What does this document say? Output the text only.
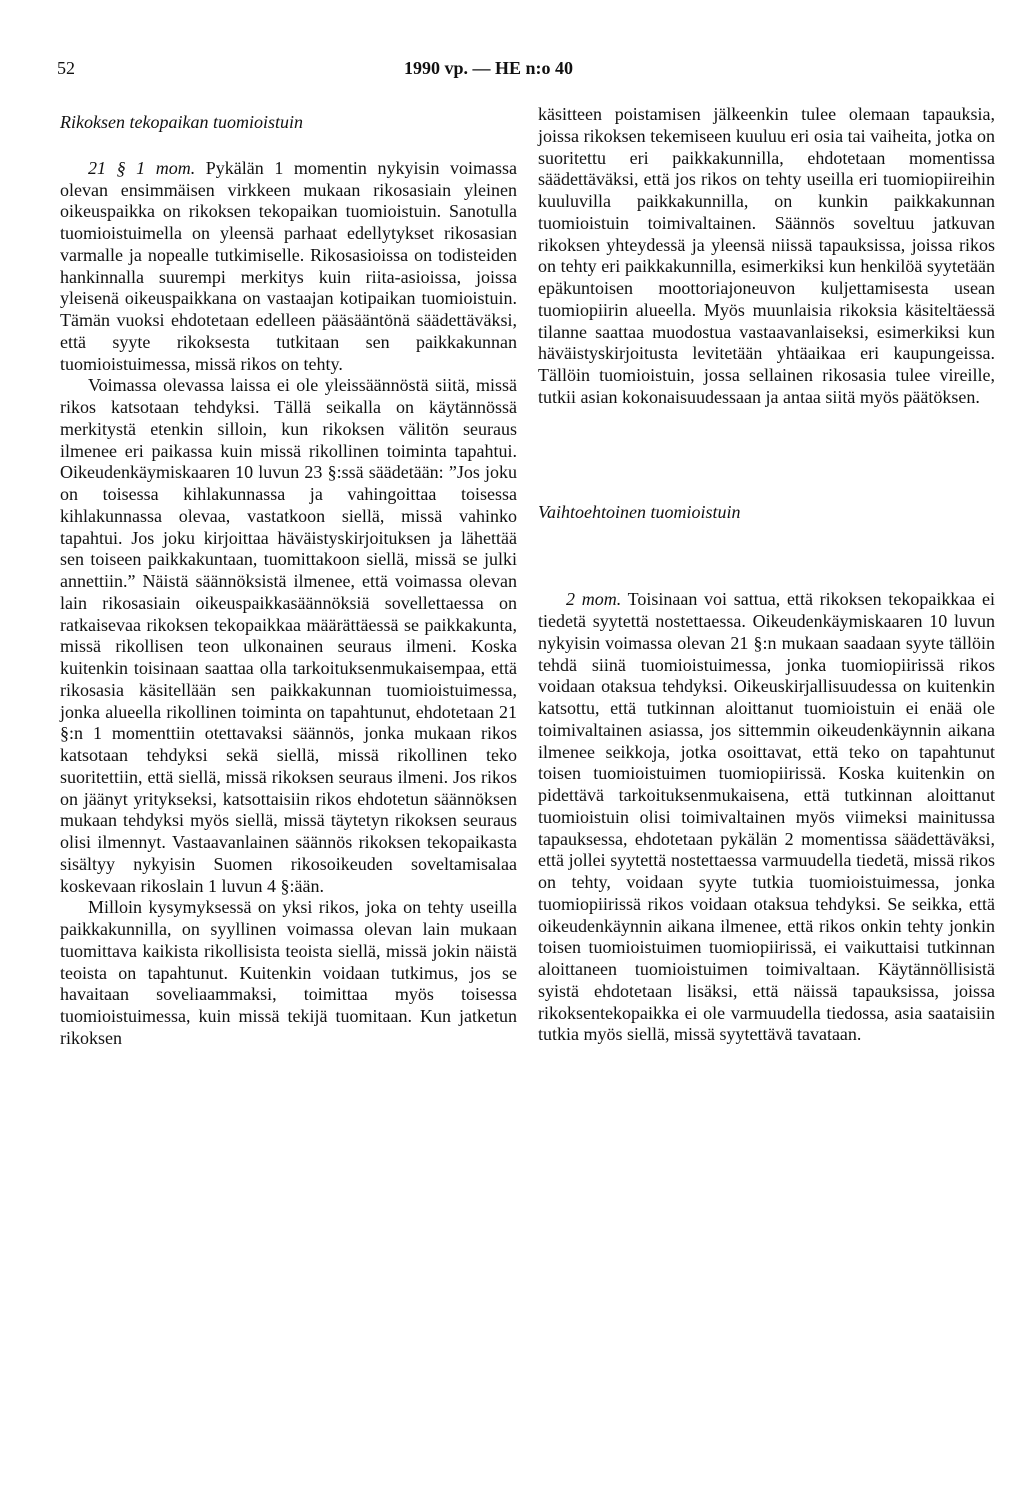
52	1990 vp. — HE n:o 40
Rikoksen tekopaikan tuomioistuin

21 § 1 mom. Pykälän 1 momentin nykyisin voimassa olevan ensimmäisen virkkeen mukaan rikosasiain yleinen oikeuspaikka on rikoksen tekopaikan tuomioistuin. Sanotulla tuomioistuimella on yleensä parhaat edellytykset rikosasian varmalle ja nopealle tutkimiselle. Rikosasioissa on todisteiden hankinnalla suurempi merkitys kuin riita-asioissa, joissa yleisenä oikeuspaikkana on vastaajan kotipaikan tuomioistuin. Tämän vuoksi ehdotetaan edelleen pääsääntönä säädettäväksi, että syyte rikoksesta tutkitaan sen paikkakunnan tuomioistuimessa, missä rikos on tehty.

Voimassa olevassa laissa ei ole yleissäännöstä siitä, missä rikos katsotaan tehdyksi. Tällä seikalla on käytännössä merkitystä etenkin silloin, kun rikoksen välitön seuraus ilmenee eri paikassa kuin missä rikollinen toiminta tapahtui. Oikeudenkäymiskaaren 10 luvun 23 §:ssä säädetään: ”Jos joku on toisessa kihlakunnassa ja vahingoittaa toisessa kihlakunnassa olevaa, vastatkoon siellä, missä vahinko tapahtui. Jos joku kirjoittaa häväistyskirjoituksen ja lähettää sen toiseen paikkakuntaan, tuomittakoon siellä, missä se julki annettiin.” Näistä säännöksistä ilmenee, että voimassa olevan lain rikosasiain oikeuspaikkasäännöksiä sovellettaessa on ratkaisevaa rikoksen tekopaikkaa määrättäessä se paikkakunta, missä rikollisen teon ulkonainen seuraus ilmeni. Koska kuitenkin toisinaan saattaa olla tarkoituksenmukaisempaa, että rikosasia käsitellään sen paikkakunnan tuomioistuimessa, jonka alueella rikollinen toiminta on tapahtunut, ehdotetaan 21 §:n 1 momenttiin otettavaksi säännös, jonka mukaan rikos katsotaan tehdyksi sekä siellä, missä rikollinen teko suoritettiin, että siellä, missä rikoksen seuraus ilmeni. Jos rikos on jäänyt yritykseksi, katsottaisiin rikos ehdotetun säännöksen mukaan tehdyksi myös siellä, missä täytetyn rikoksen seuraus olisi ilmennyt. Vastaavanlainen säännös rikoksen tekopaikasta sisältyy nykyisin Suomen rikosoikeuden soveltamisalaa koskevaan rikoslain 1 luvun 4 §:ään.

Milloin kysymyksessä on yksi rikos, joka on tehty useilla paikkakunnilla, on syyllinen voimassa olevan lain mukaan tuomittava kaikista rikollisista teoista siellä, missä jokin näistä teoista on tapahtunut. Kuitenkin voidaan tutkimus, jos se havaitaan soveliaammaksi, toimittaa myös toisessa tuomioistuimessa, kuin missä tekijä tuomitaan. Kun jatketun rikoksen

käsitteen poistamisen jälkeenkin tulee olemaan tapauksia, joissa rikoksen tekemiseen kuuluu eri osia tai vaiheita, jotka on suoritettu eri paikkakunnilla, ehdotetaan momentissa säädettäväksi, että jos rikos on tehty useilla eri tuomiopiireihin kuuluvilla paikkakunnilla, on kunkin paikkakunnan tuomioistuin toimivaltainen. Säännös soveltuu jatkuvan rikoksen yhteydessä ja yleensä niissä tapauksissa, joissa rikos on tehty eri paikkakunnilla, esimerkiksi kun henkilöä syytetään epäkuntoisen moottoriajoneuvon kuljettamisesta usean tuomiopiirin alueella. Myös muunlaisia rikoksia käsiteltäessä tilanne saattaa muodostua vastaavanlaiseksi, esimerkiksi kun häväistyskirjoitusta levitetään yhtäaikaa eri kaupungeissa. Tällöin tuomioistuin, jossa sellainen rikosasia tulee vireille, tutkii asian kokonaisuudessaan ja antaa siitä myös päätöksen.

Vaihtoehtoinen tuomioistuin

2 mom. Toisinaan voi sattua, että rikoksen tekopaikkaa ei tiedetä syytettä nostettaessa. Oikeudenkäymiskaaren 10 luvun nykyisin voimassa olevan 21 §:n mukaan saadaan syyte tällöin tehdä siinä tuomioistuimessa, jonka tuomiopiirissä rikos voidaan otaksua tehdyksi. Oikeuskirjallisuudessa on kuitenkin katsottu, että tutkinnan aloittanut tuomioistuin ei enää ole toimivaltainen asiassa, jos sittemmin oikeudenkäynnin aikana ilmenee seikkoja, jotka osoittavat, että teko on tapahtunut toisen tuomioistuimen tuomiopiirissä. Koska kuitenkin on pidettävä tarkoituksenmukaisena, että tutkinnan aloittanut tuomioistuin olisi toimivaltainen myös viimeksi mainitussa tapauksessa, ehdotetaan pykälän 2 momentissa säädettäväksi, että jollei syytettä nostettaessa varmuudella tiedetä, missä rikos on tehty, voidaan syyte tutkia tuomioistuimessa, jonka tuomiopiirissä rikos voidaan otaksua tehdyksi. Se seikka, että oikeudenkäynnin aikana ilmenee, että rikos onkin tehty jonkin toisen tuomioistuimen tuomiopiirissä, ei vaikuttaisi tutkinnan aloittaneen tuomioistuimen toimivaltaan. Käytännöllisistä syistä ehdotetaan lisäksi, että näissä tapauksissa, joissa rikoksentekopaikka ei ole varmuudella tiedossa, asia saataisiin tutkia myös siellä, missä syytettävä tavataan.
